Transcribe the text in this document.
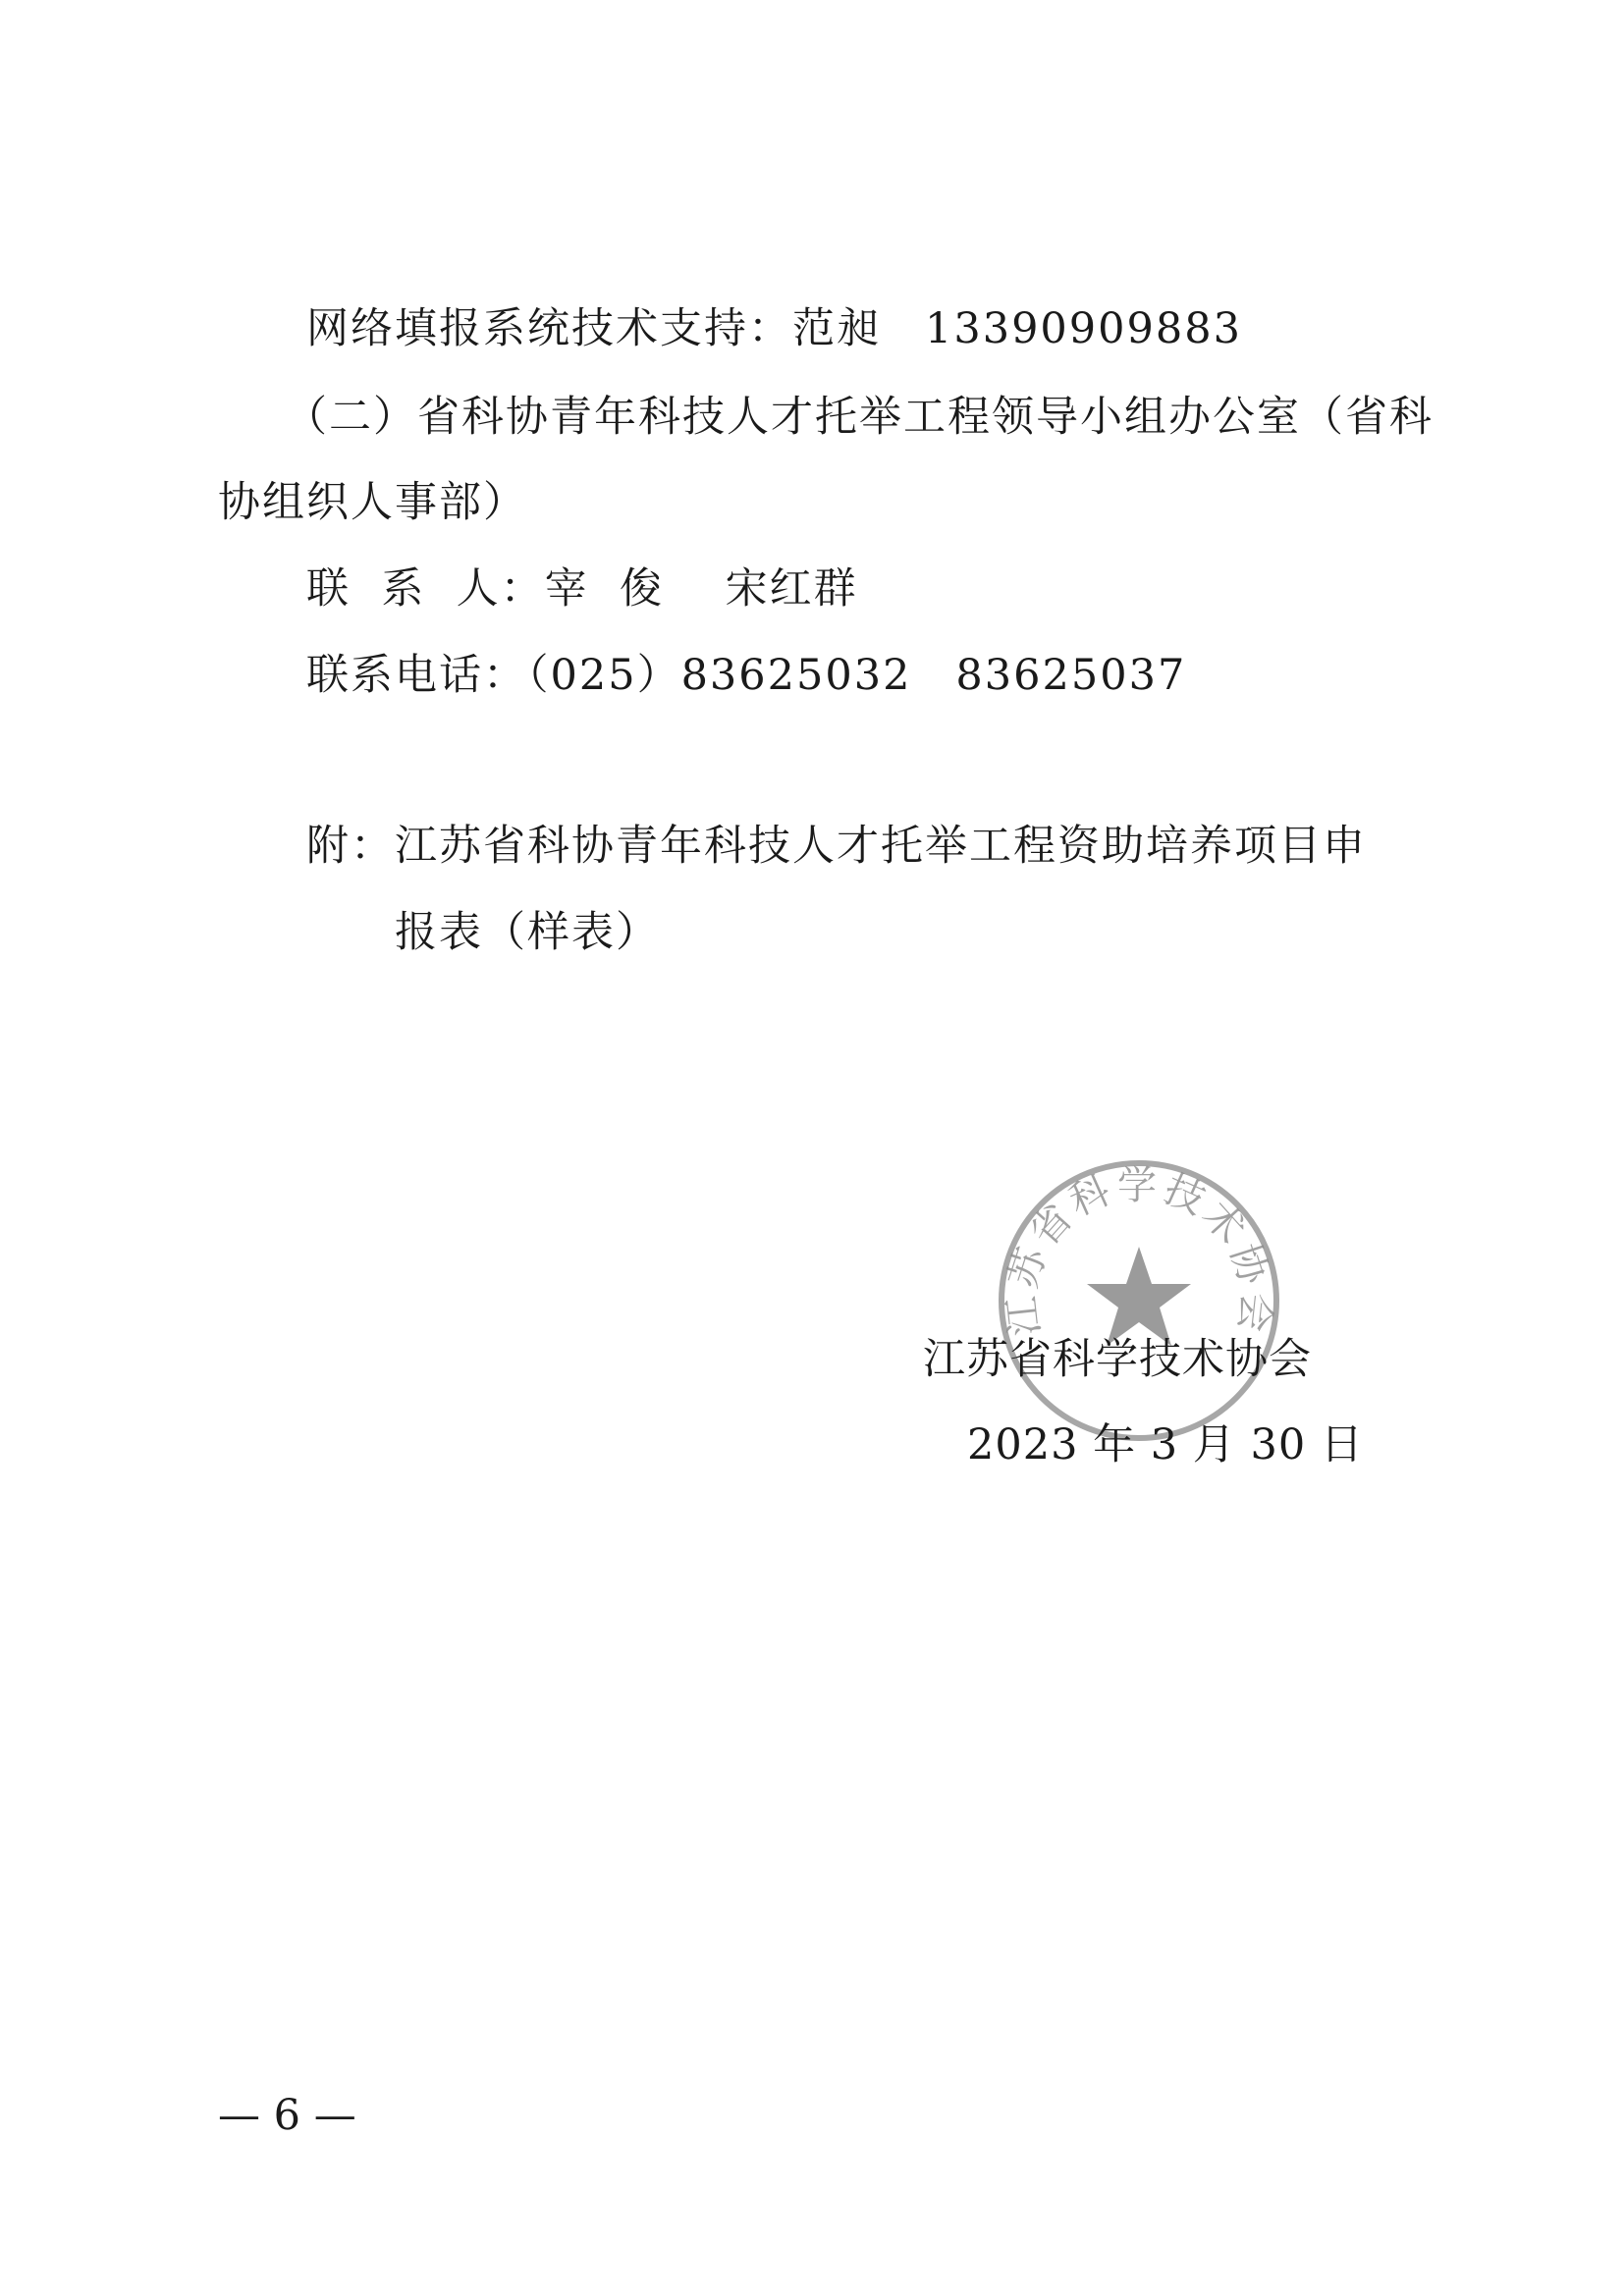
网络填报系统技术支持：范昶　13390909883
（二）省科协青年科技人才托举工程领导小组办公室（省科
协组织人事部）
联  系  人：宰  俊    宋红群
联系电话：（025）83625032　83625037
附：江苏省科协青年科技人才托举工程资助培养项目申
报表（样表）
江苏省科学技术协会
江苏省科学技术协会
2023 年 3 月 30 日
— 6 —
